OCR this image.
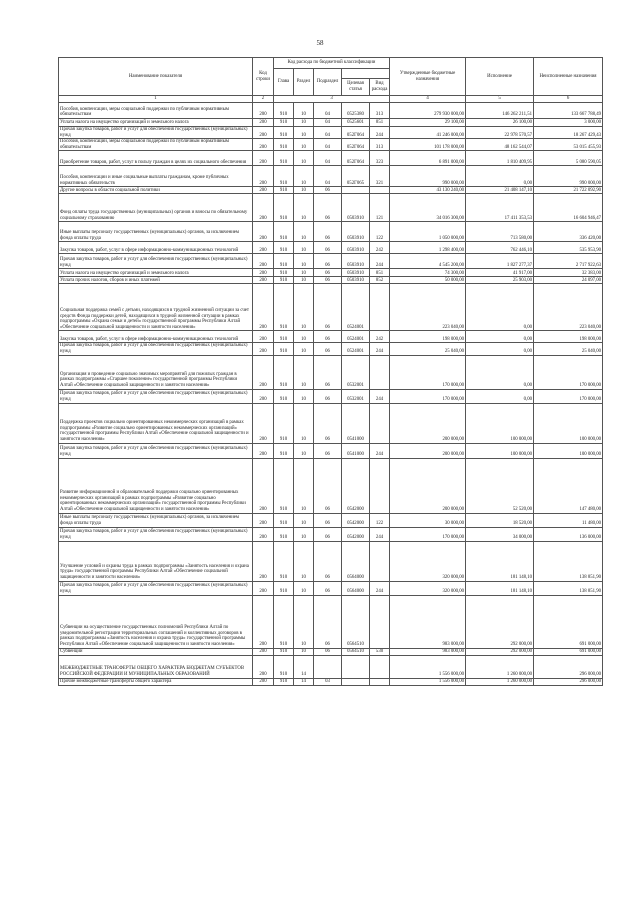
58
Наименование показателя	Код строки	Код расхода по бюджетной классификации					Утвержденные бюджетные назначения	Исполнение	Неисполненные назначения
		Глава	Раздел	Подраздел					
					Целевая статья	Вид расхода			
1	2	3					4	5	6
Пособия, компенсации, меры социальной поддержки по публичным нормативным обязательствам	200	910	10	04	0525380	313	279 930 000,00	146 262 211,51	133 667 788,49
Уплата налога на имущество организаций и земельного налога	200	910	10	04	0525601	851	29 100,00	26 100,00	3 000,00
Прочая закупка товаров, работ и услуг для обеспечения государственных (муниципальных) нужд	200	910	10	04	052Г064	244	41 246 000,00	22 978 570,57	18 267 429,43
Пособия, компенсации, меры социальной поддержки по публичным нормативным обязательствам	200	910	10	04	052Г064	313	101 178 000,00	48 162 544,07	53 015 455,93
Приобретение товаров, работ, услуг в пользу граждан в целях их социального обеспечения	200	910	10	04	052Г064	323	6 891 000,00	1 810 409,95	5 080 590,05
Пособия, компенсации и иные социальные выплаты гражданам, кроме публичных нормативных обязательств	200	910	10	04	052Г065	321	990 000,00	0,00	990 000,00
Другие вопросы в области социальной политики	200	910	10	06			43 130 240,00	21 408 147,10	21 722 092,90
Фонд оплаты труда государственных (муниципальных) органов и взносы по обязательному социальному страхованию	200	910	10	06	0503910	121	34 016 300,00	17 411 353,53	16 604 946,47
Иные выплаты персоналу государственных (муниципальных) органов, за исключением фонда оплаты труда	200	910	10	06	0503910	122	1 050 000,00	713 580,00	336 420,00
Закупка товаров, работ, услуг в сфере информационно-коммуникационных технологий	200	910	10	06	0503910	242	1 298 400,00	762 446,10	535 953,90
Прочая закупка товаров, работ и услуг для обеспечения государственных (муниципальных) нужд	200	910	10	06	0503910	244	4 545 200,00	1 827 277,37	2 717 922,63
Уплата налога на имущество организаций и земельного налога	200	910	10	06	0503910	851	74 300,00	41 917,00	32 383,00
Уплата прочих налогов, сборов и иных платежей	200	910	10	06	0503910	852	50 000,00	25 903,00	24 097,00
Социальная поддержка семей с детьми, находящихся в трудной жизненной ситуации за счет средств Фонда поддержки детей, находящихся в трудной жизненной ситуации в рамках подпрограммы «Охрана семьи и детей» государственной программы Республики Алтай «Обеспечение социальной защищенности и занятости населения»	200	910	10	06	0524001		223 040,00	0,00	223 040,00
Закупка товаров, работ, услуг в сфере информационно-коммуникационных технологий	200	910	10	06	0524001	242	198 000,00	0,00	198 000,00
Прочая закупка товаров, работ и услуг для обеспечения государственных (муниципальных) нужд	200	910	10	06	0524001	244	25 040,00	0,00	25 040,00
Организация и проведение социально значимых мероприятий для пожилых граждан в рамках подпрограммы «Старшее поколение» государственной программы Республики Алтай «Обеспечение социальной защищенности и занятости населения»	200	910	10	06	0532001		170 000,00	0,00	170 000,00
Прочая закупка товаров, работ и услуг для обеспечения государственных (муниципальных) нужд	200	910	10	06	0532001	244	170 000,00	0,00	170 000,00
Поддержка проектов социально ориентированных некоммерческих организаций в рамках подпрограммы «Развитие социально ориентированных некоммерческих организаций» государственной программы Республики Алтай «Обеспечение социальной защищенности и занятости населения»	200	910	10	06	0541000		200 000,00	100 000,00	100 000,00
Прочая закупка товаров, работ и услуг для обеспечения государственных (муниципальных) нужд	200	910	10	06	0541000	244	200 000,00	100 000,00	100 000,00
Развитие информационной и образовательной поддержки социально ориентированных некоммерческих организаций в рамках подпрограммы «Развитие социально ориентированных некоммерческих организаций» государственной программы Республики Алтай «Обеспечение социальной защищенности и занятости населения»	200	910	10	06	0542000		200 000,00	52 520,00	147 480,00
Иные выплаты персоналу государственных (муниципальных) органов, за исключением фонда оплаты труда	200	910	10	06	0542000	122	30 000,00	18 520,00	11 480,00
Прочая закупка товаров, работ и услуг для обеспечения государственных (муниципальных) нужд	200	910	10	06	0542000	244	170 000,00	34 000,00	136 000,00
Улучшение условий и охраны труда в рамках подпрограммы «Занятость населения и охрана труда» государственной программы Республики Алтай «Обеспечение социальной защищенности и занятости населения»	200	910	10	06	0564000		320 000,00	181 148,10	138 851,90
Прочая закупка товаров, работ и услуг для обеспечения государственных (муниципальных) нужд	200	910	10	06	0564000	244	320 000,00	181 148,10	138 851,90
Субвенции на осуществление государственных полномочий Республики Алтай по уведомительной регистрации территориальных соглашений и коллективных договоров в рамках подпрограммы «Занятость населения и охрана труда» государственной программы Республики Алтай «Обеспечение социальной защищенности и занятости населения»	200	910	10	06	0564510		983 000,00	292 000,00	691 000,00
Субвенции	200	910	10	06	0564510	530	983 000,00	292 000,00	691 000,00
МЕЖБЮДЖЕТНЫЕ ТРАНСФЕРТЫ ОБЩЕГО ХАРАКТЕРА БЮДЖЕТАМ СУБЪЕКТОВ РОССИЙСКОЙ ФЕДЕРАЦИИ И МУНИЦИПАЛЬНЫХ ОБРАЗОВАНИЙ	200	910	14				1 556 000,00	1 260 000,00	296 000,00
Прочие межбюджетные трансферты общего характера	200	910	14	03			1 556 000,00	1 260 000,00	296 000,00
